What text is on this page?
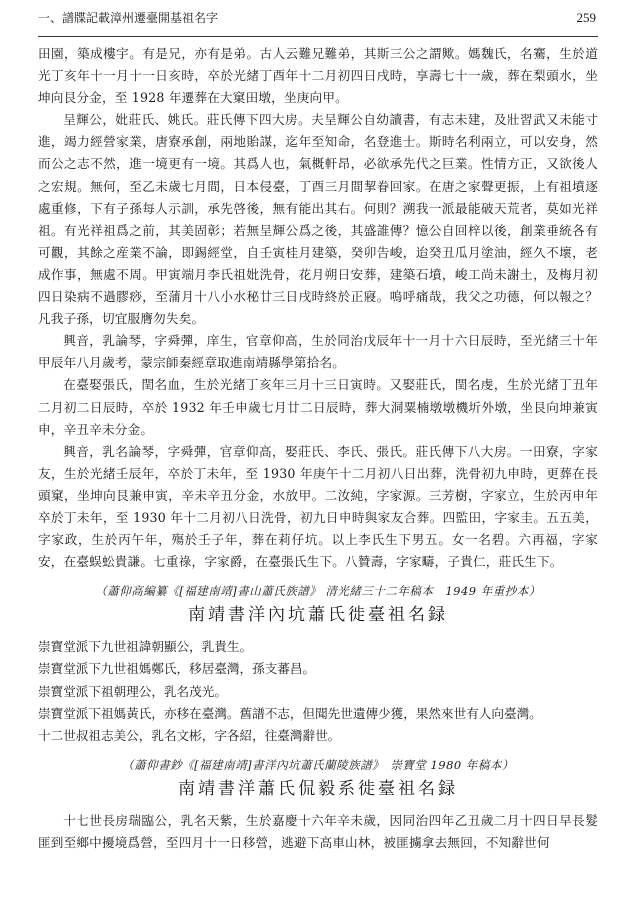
一、譜牒記載漳州遷臺開基祖名字	259

田園，築成樓宇。有是兄，亦有是弟。古人云難兄難弟，其斯三公之謂歟。媽魏氏，名騫，生於道光丁亥年十一月十一日亥時，卒於光緒丁酉年十二月初四日戌時，享壽七十一歲，葬在梨頭水，坐坤向艮分金，至 1928 年遷葬在大窠田墩，坐庚向甲。

呈輝公，妣莊氏、姚氏。莊氏傳下四大房。夫呈輝公自幼讀書，有志未建，及壯習武又未能寸進，竭力經營家業，唐寮承創，兩地貽謀，迄年至知命，名登進士。斯時名利兩立，可以安身，然而公之志不然，進一境更有一境。其爲人也，氣概軒昂，必欲承先代之巨業。性情方正，又欲後人之宏規。無何，至乙未歲七月間，日本侵臺，丁酉三月間挈眷回家。在唐之家聲更振，上有祖墳逐處重修，下有子孫每人示訓，承先啓後，無有能出其右。何則？溯我一派最能破天荒者，莫如光祥祖。有光祥祖爲之前，其美固彰；若無呈輝公爲之後，其盛誰傳？憶公自回梓以後，創業垂統各有可觀，其餘之産業不論，即錫經堂，自壬寅桂月建築，癸卯告峻，迨癸丑瓜月塗油，經久不壞，老成作事，無處不周。甲寅端月李氏祖妣洗骨，花月朔日安葬，建築石墳，峻工尚未謝土，及梅月初四日染病不過膠痧，至蒲月十八小水秘廿三日戌時終於正寢。嗚呼痛哉，我父之功德，何以報之？凡我子孫，切宜服膺勿失矣。

興音，乳論琴，字舜彈，庠生，官章仰高，生於同治戊辰年十一月十六日辰時，至光緒三十年甲辰年八月歲考，蒙宗師秦經章取進南靖縣學第拾名。

在臺娶張氏，閏名血，生於光緒丁亥年三月十三日寅時。又娶莊氏，閏名虔，生於光緒丁丑年二月初二日辰時，卒於 1932 年壬申歲七月廿二日辰時，葬大洞粟楠墩墩機圻外墩，坐艮向坤兼寅申，辛丑辛未分金。

興音，乳名論琴，字舜彈，官章仰高，娶莊氏、李氏、張氏。莊氏傳下八大房。一田寮，字家友，生於光緒壬辰年，卒於丁未年，至 1930 年庚午十二月初八日出葬，洗骨初九申時，更葬在長頭窠，坐坤向艮兼申寅，辛未辛丑分金，水放甲。二汝純，字家源。三芳樹，字家立，生於丙申年卒於丁未年，至 1930 年十二月初八日洗骨，初九日申時與家友合葬。四監田，字家圭。五五美，字家政，生於丙午年，殤於壬子年，葬在莉仔坑。以上李氏生下男五。女一名碧。六再福，字家安，在臺蜈蚣貴謙。七重祿，字家爵，在臺張氏生下。八贊壽，字家疇，子貴仁，莊氏生下。

（蕭仰高編纂《[福建南靖]書山蕭氏族譜》 清光緒三十二年稿本　1949 年重抄本）
南靖書洋內坑蕭氏徙臺祖名録

崇寶堂派下九世祖諱朝顯公，乳貴生。

崇寶堂派下九世祖媽鄭氏，移居臺灣，孫支蕃昌。

崇寶堂派下祖朝理公，乳名茂光。

崇寶堂派下祖媽黃氏，亦移在臺灣。舊譜不志，但聞先世遺傳少獲，果然來世有人向臺灣。

十二世叔祖志美公，乳名文彬，字各紹，往臺灣辭世。

（蕭仰書鈔《[福建南靖]書洋內坑蕭氏蘭陵族譜》　崇寶堂 1980 年稿本）
南靖書洋蕭氏侃毅系徙臺祖名録

十七世長房瑞臨公，乳名天紫，生於嘉慶十六年辛未歲，因同治四年乙丑歲二月十四日早長髮匪到至鄉中擾境爲營，至四月十一日移營，逃避下高車山林，被匪擄拿去無回，不知辭世何
